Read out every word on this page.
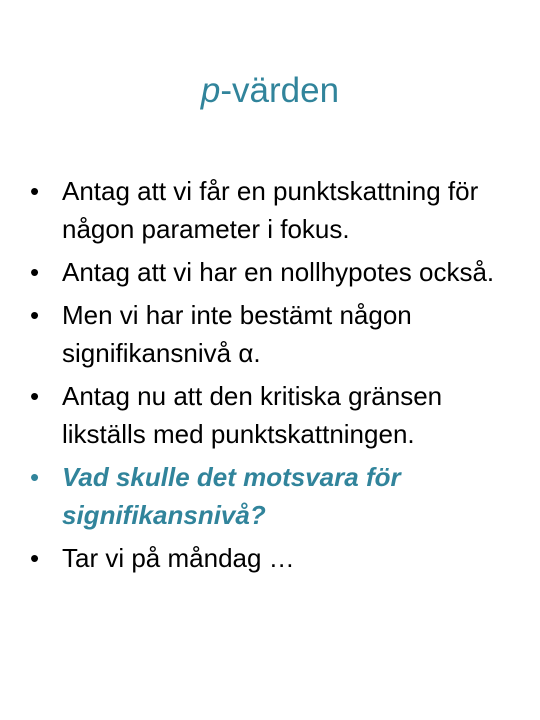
p-värden
• Antag att vi får en punktskattning för någon parameter i fokus.
• Antag att vi har en nollhypotes också.
• Men vi har inte bestämt någon signifikansnivå α.
• Antag nu att den kritiska gränsen likställs med punktskattningen.
• Vad skulle det motsvara för signifikansnivå?
• Tar vi på måndag …
